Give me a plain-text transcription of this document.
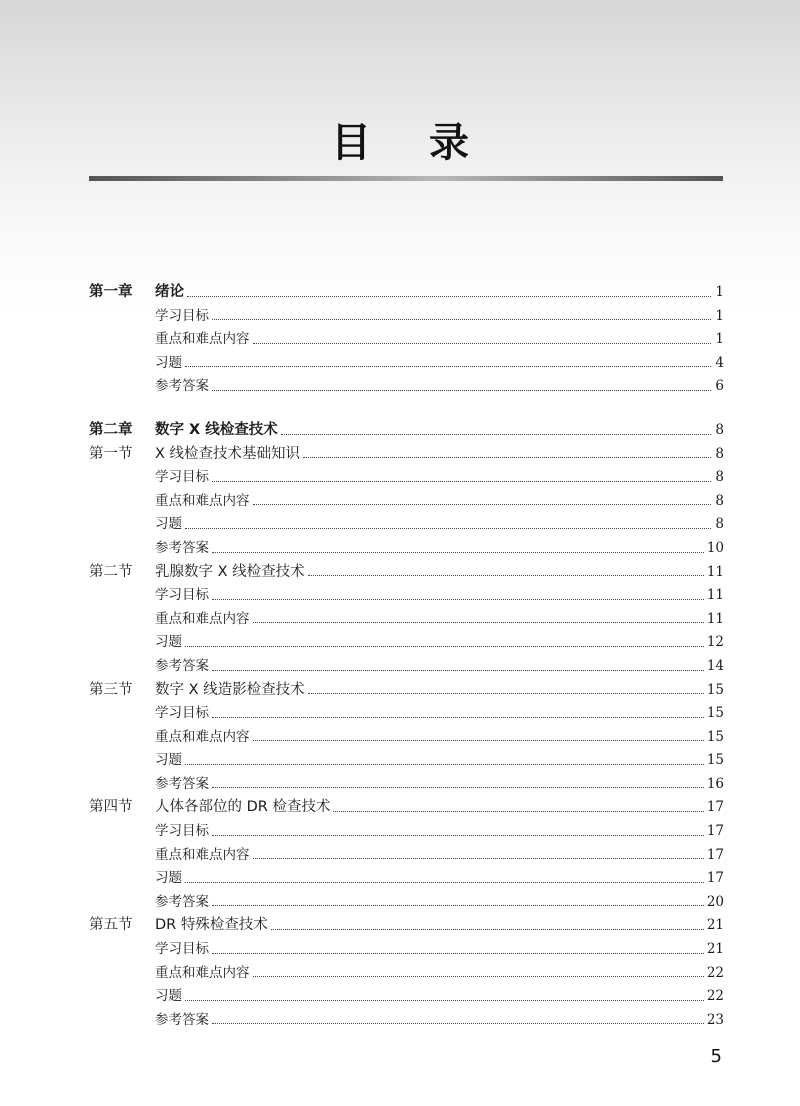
目录
第一章 绪论	1
学习目标	1
重点和难点内容	1
习题	4
参考答案	6
第二章 数字 X 线检查技术	8
第一节 X 线检查技术基础知识	8
学习目标	8
重点和难点内容	8
习题	8
参考答案	10
第二节 乳腺数字 X 线检查技术	11
学习目标	11
重点和难点内容	11
习题	12
参考答案	14
第三节 数字 X 线造影检查技术	15
学习目标	15
重点和难点内容	15
习题	15
参考答案	16
第四节 人体各部位的 DR 检查技术	17
学习目标	17
重点和难点内容	17
习题	17
参考答案	20
第五节 DR 特殊检查技术	21
学习目标	21
重点和难点内容	22
习题	22
参考答案	23
5
